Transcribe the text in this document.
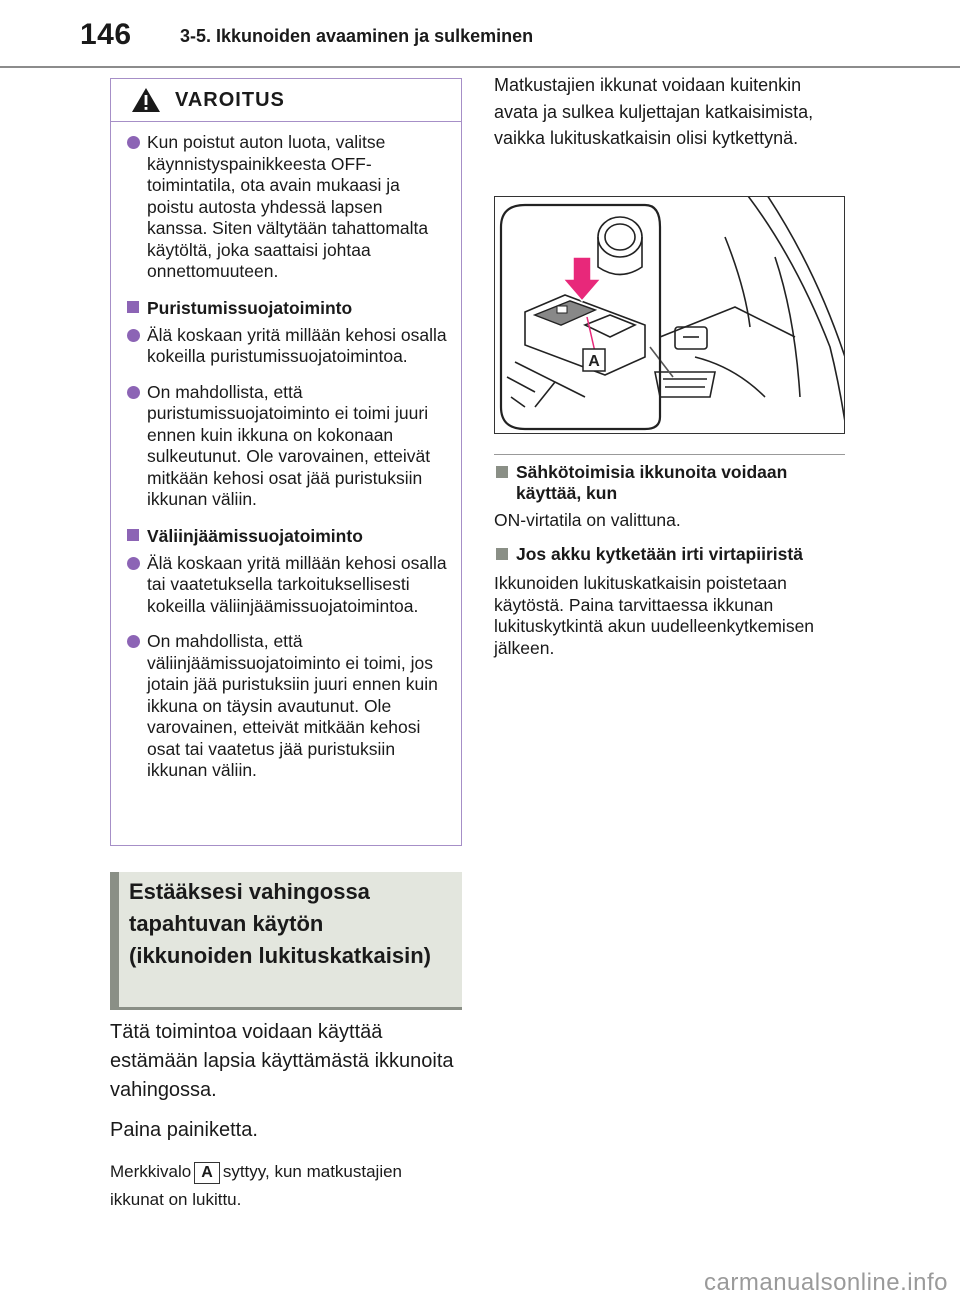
146	3-5. Ikkunoiden avaaminen ja sulkeminen
VAROITUS
Kun poistut auton luota, valitse käynnistyspainikkeesta OFF-toimintatila, ota avain mukaasi ja poistu autosta yhdessä lapsen kanssa. Siten vältytään tahattomalta käytöltä, joka saattaisi johtaa onnettomuuteen.
Puristumissuojatoiminto
Älä koskaan yritä millään kehosi osalla kokeilla puristumissuojatoimintoa.
On mahdollista, että puristumissuojatoiminto ei toimi juuri ennen kuin ikkuna on kokonaan sulkeutunut. Ole varovainen, etteivät mitkään kehosi osat jää puristuksiin ikkunan väliin.
Väliinjäämissuojatoiminto
Älä koskaan yritä millään kehosi osalla tai vaatetuksella tarkoituksellisesti kokeilla väliinjäämissuojatoimintoa.
On mahdollista, että väliinjäämissuojatoiminto ei toimi, jos jotain jää puristuksiin juuri ennen kuin ikkuna on täysin avautunut. Ole varovainen, etteivät mitkään kehosi osat tai vaatetus jää puristuksiin ikkunan väliin.
Estääksesi vahingossa tapahtuvan käytön (ikkunoiden lukituskatkaisin)
Tätä toimintoa voidaan käyttää estämään lapsia käyttämästä ikkunoita vahingossa.
Paina painiketta.
Merkkivalo A syttyy, kun matkustajien
ikkunat on lukittu.
Matkustajien ikkunat voidaan kuitenkin avata ja sulkea kuljettajan katkaisimista, vaikka lukituskatkaisin olisi kytkettynä.
A
Sähkötoimisia ikkunoita voidaan käyttää, kun
ON-virtatila on valittuna.
Jos akku kytketään irti virtapiiristä
Ikkunoiden lukituskatkaisin poistetaan käytöstä. Paina tarvittaessa ikkunan lukituskytkintä akun uudelleenkytkemisen jälkeen.
carmanualsonline.info
